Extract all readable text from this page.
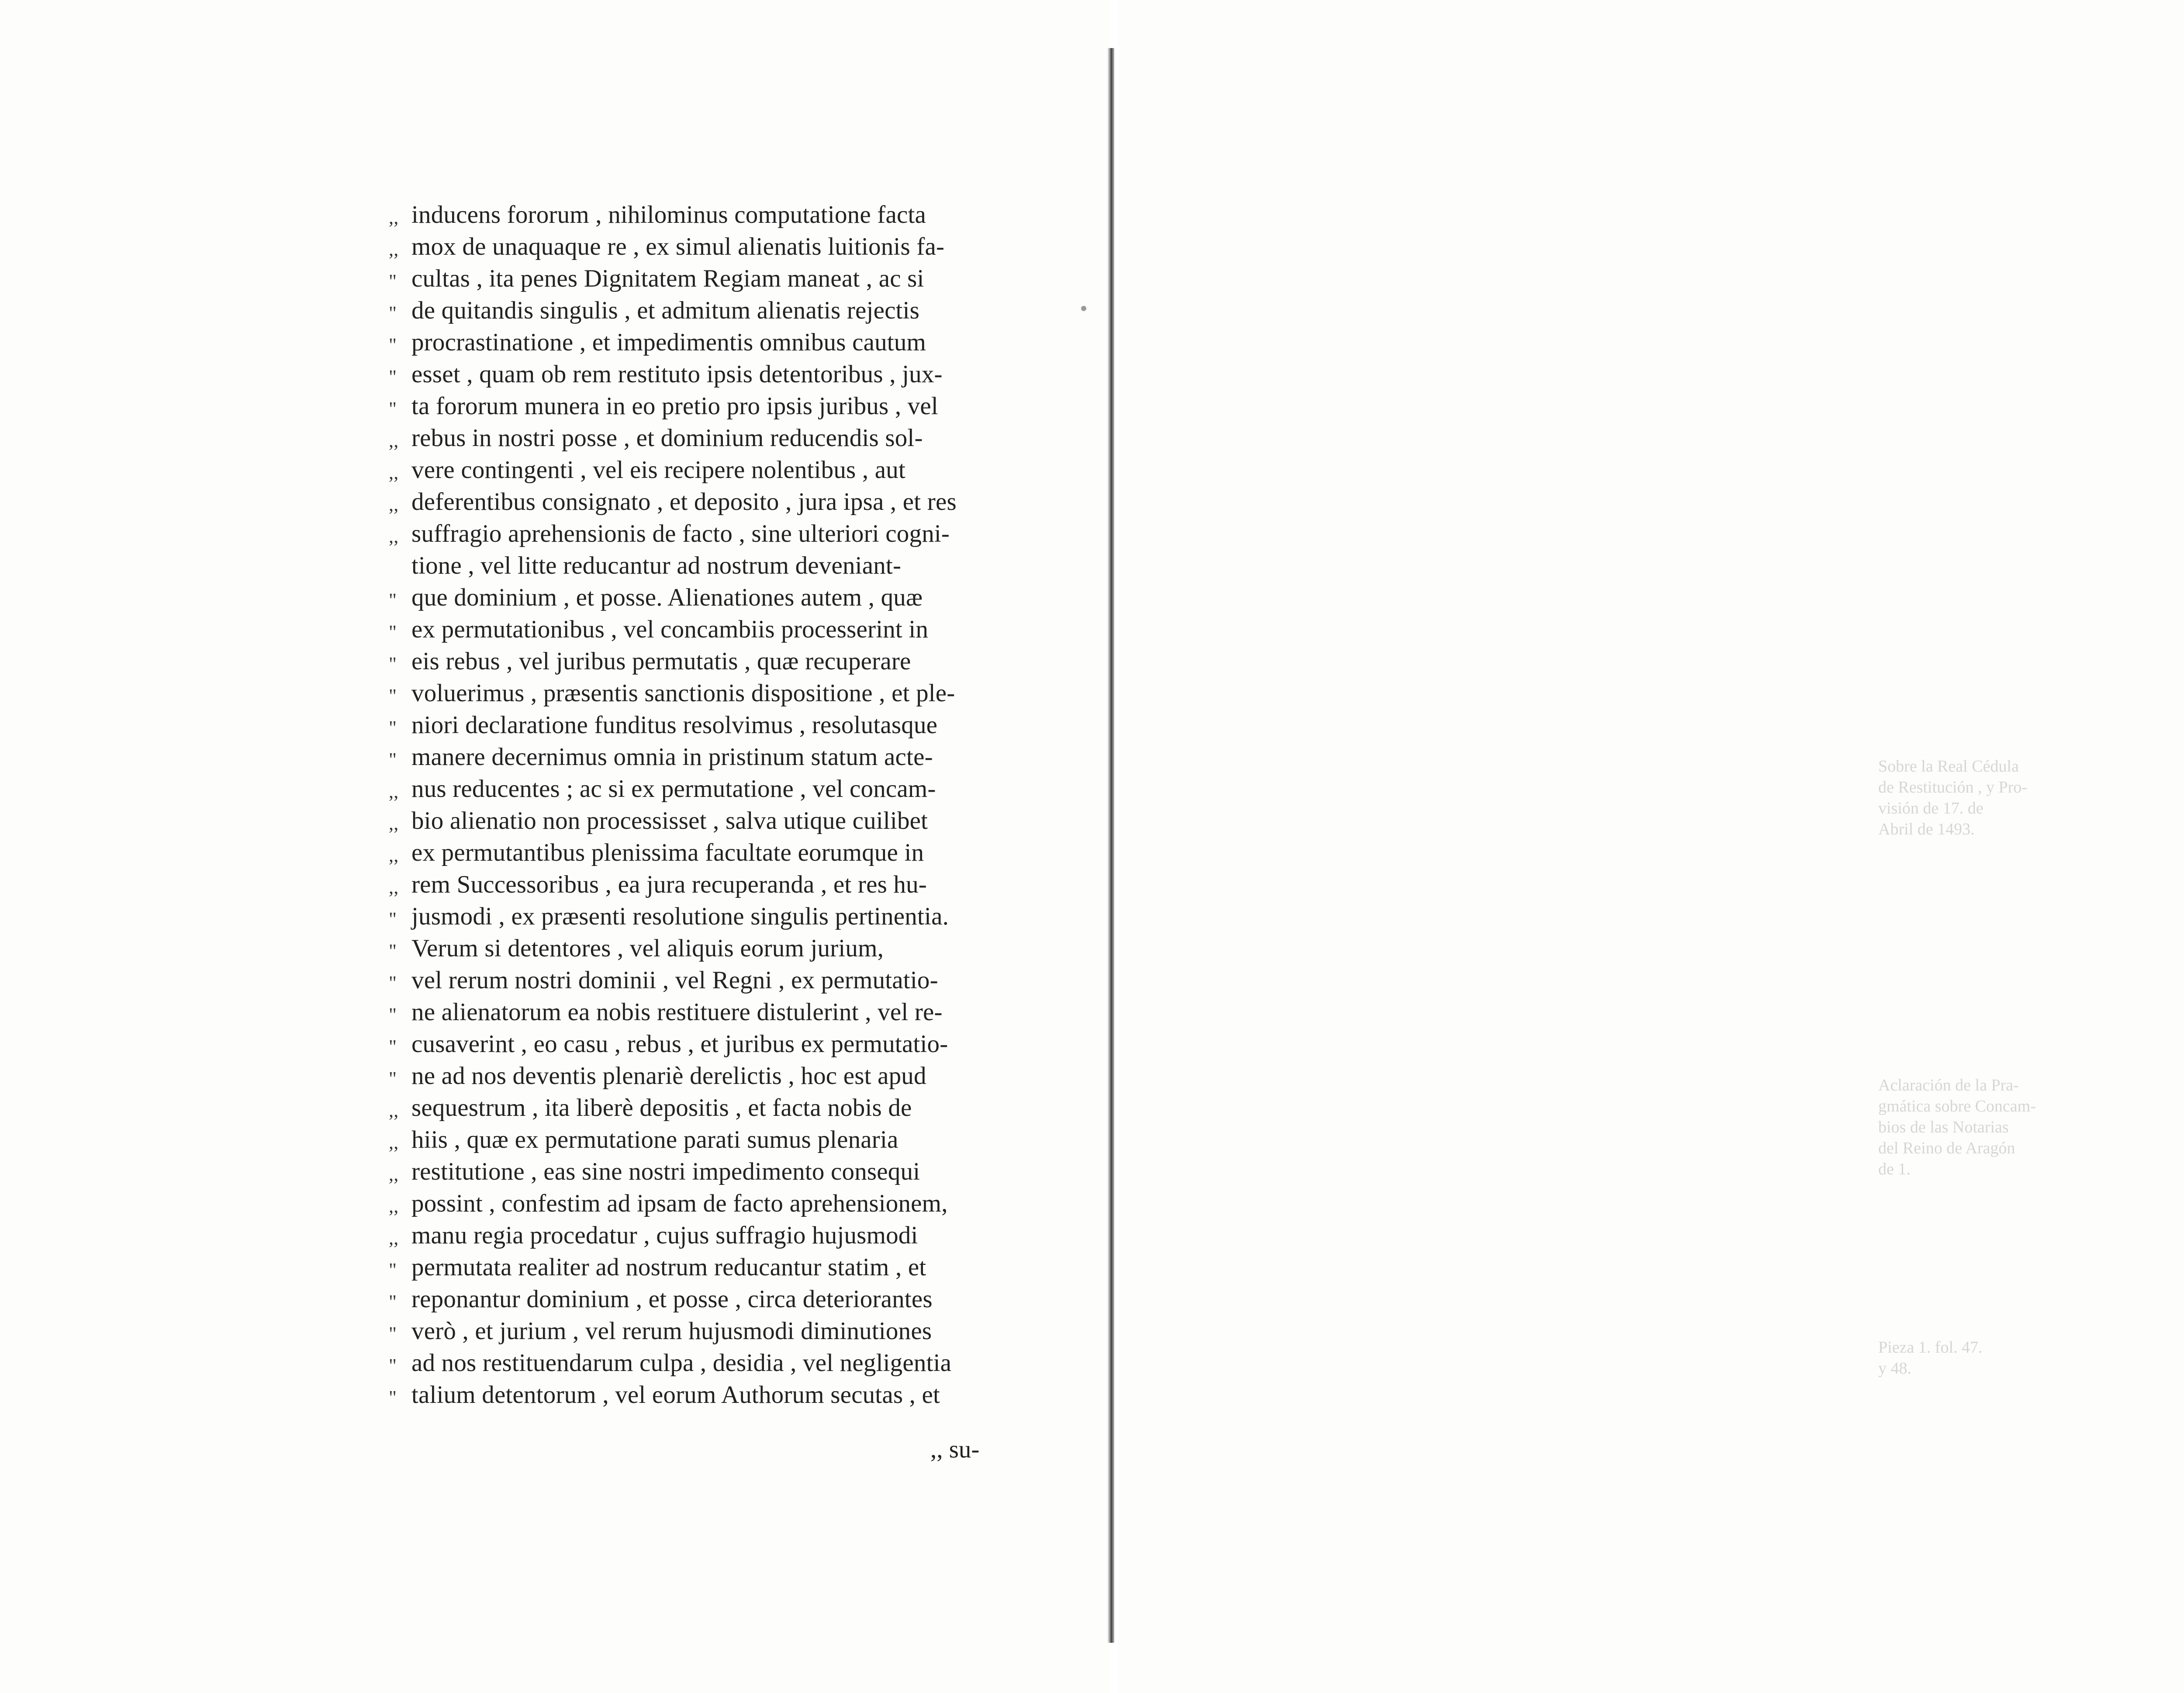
,, inducens fororum , nihilominus computatione facta
,, mox de unaquaque re , ex simul alienatis luitionis fa-
" cultas , ita penes Dignitatem Regiam maneat , ac si
" de quitandis singulis , et admitum alienatis rejectis
" procrastinatione , et impedimentis omnibus cautum
" esset , quam ob rem restituto ipsis detentoribus , jux-
" ta fororum munera in eo pretio pro ipsis juribus , vel
,, rebus in nostri posse , et dominium reducendis sol-
,, vere contingenti , vel eis recipere nolentibus , aut
,, deferentibus consignato , et deposito , jura ipsa , et res
,, suffragio aprehensionis de facto , sine ulteriori cogni-
tione , vel litte reducantur ad nostrum deveniant-
" que dominium , et posse. Alienationes autem , quæ
" ex permutationibus , vel concambiis processerint in
" eis rebus , vel juribus permutatis , quæ recuperare
" voluerimus , præsentis sanctionis dispositione , et ple-
" niori declaratione funditus resolvimus , resolutasque
" manere decernimus omnia in pristinum statum acte-
,, nus reducentes ; ac si ex permutatione , vel concam-
,, bio alienatio non processisset , salva utique cuilibet
,, ex permutantibus plenissima facultate eorumque in
,, rem Successoribus , ea jura recuperanda , et res hu-
" jusmodi , ex præsenti resolutione singulis pertinentia.
" Verum si detentores , vel aliquis eorum jurium,
" vel rerum nostri dominii , vel Regni , ex permutatio-
" ne alienatorum ea nobis restituere distulerint , vel re-
" cusaverint , eo casu , rebus , et juribus ex permutatio-
" ne ad nos deventis plenariè derelictis , hoc est apud
,, sequestrum , ita liberè depositis , et facta nobis de
,, hiis , quæ ex permutatione parati sumus plenaria
,, restitutione , eas sine nostri impedimento consequi
,, possint , confestim ad ipsam de facto aprehensionem,
,, manu regia procedatur , cujus suffragio hujusmodi
" permutata realiter ad nostrum reducantur statim , et
" reponantur dominium , et posse , circa deteriorantes
" verò , et jurium , vel rerum hujusmodi diminutiones
" ad nos restituendarum culpa , desidia , vel negligentia
" talium detentorum , vel eorum Authorum secutas , et
,, su-
Sobre la Real Cédula
de Restitución , y Pro-
visión de 17. de
Abril de 1493.
Aclaración de la Pra-
gmática sobre Concam-
bios de las Notarias
del Reino de Aragón
de 1.
Pieza 1. fol. 47.
y 48.
